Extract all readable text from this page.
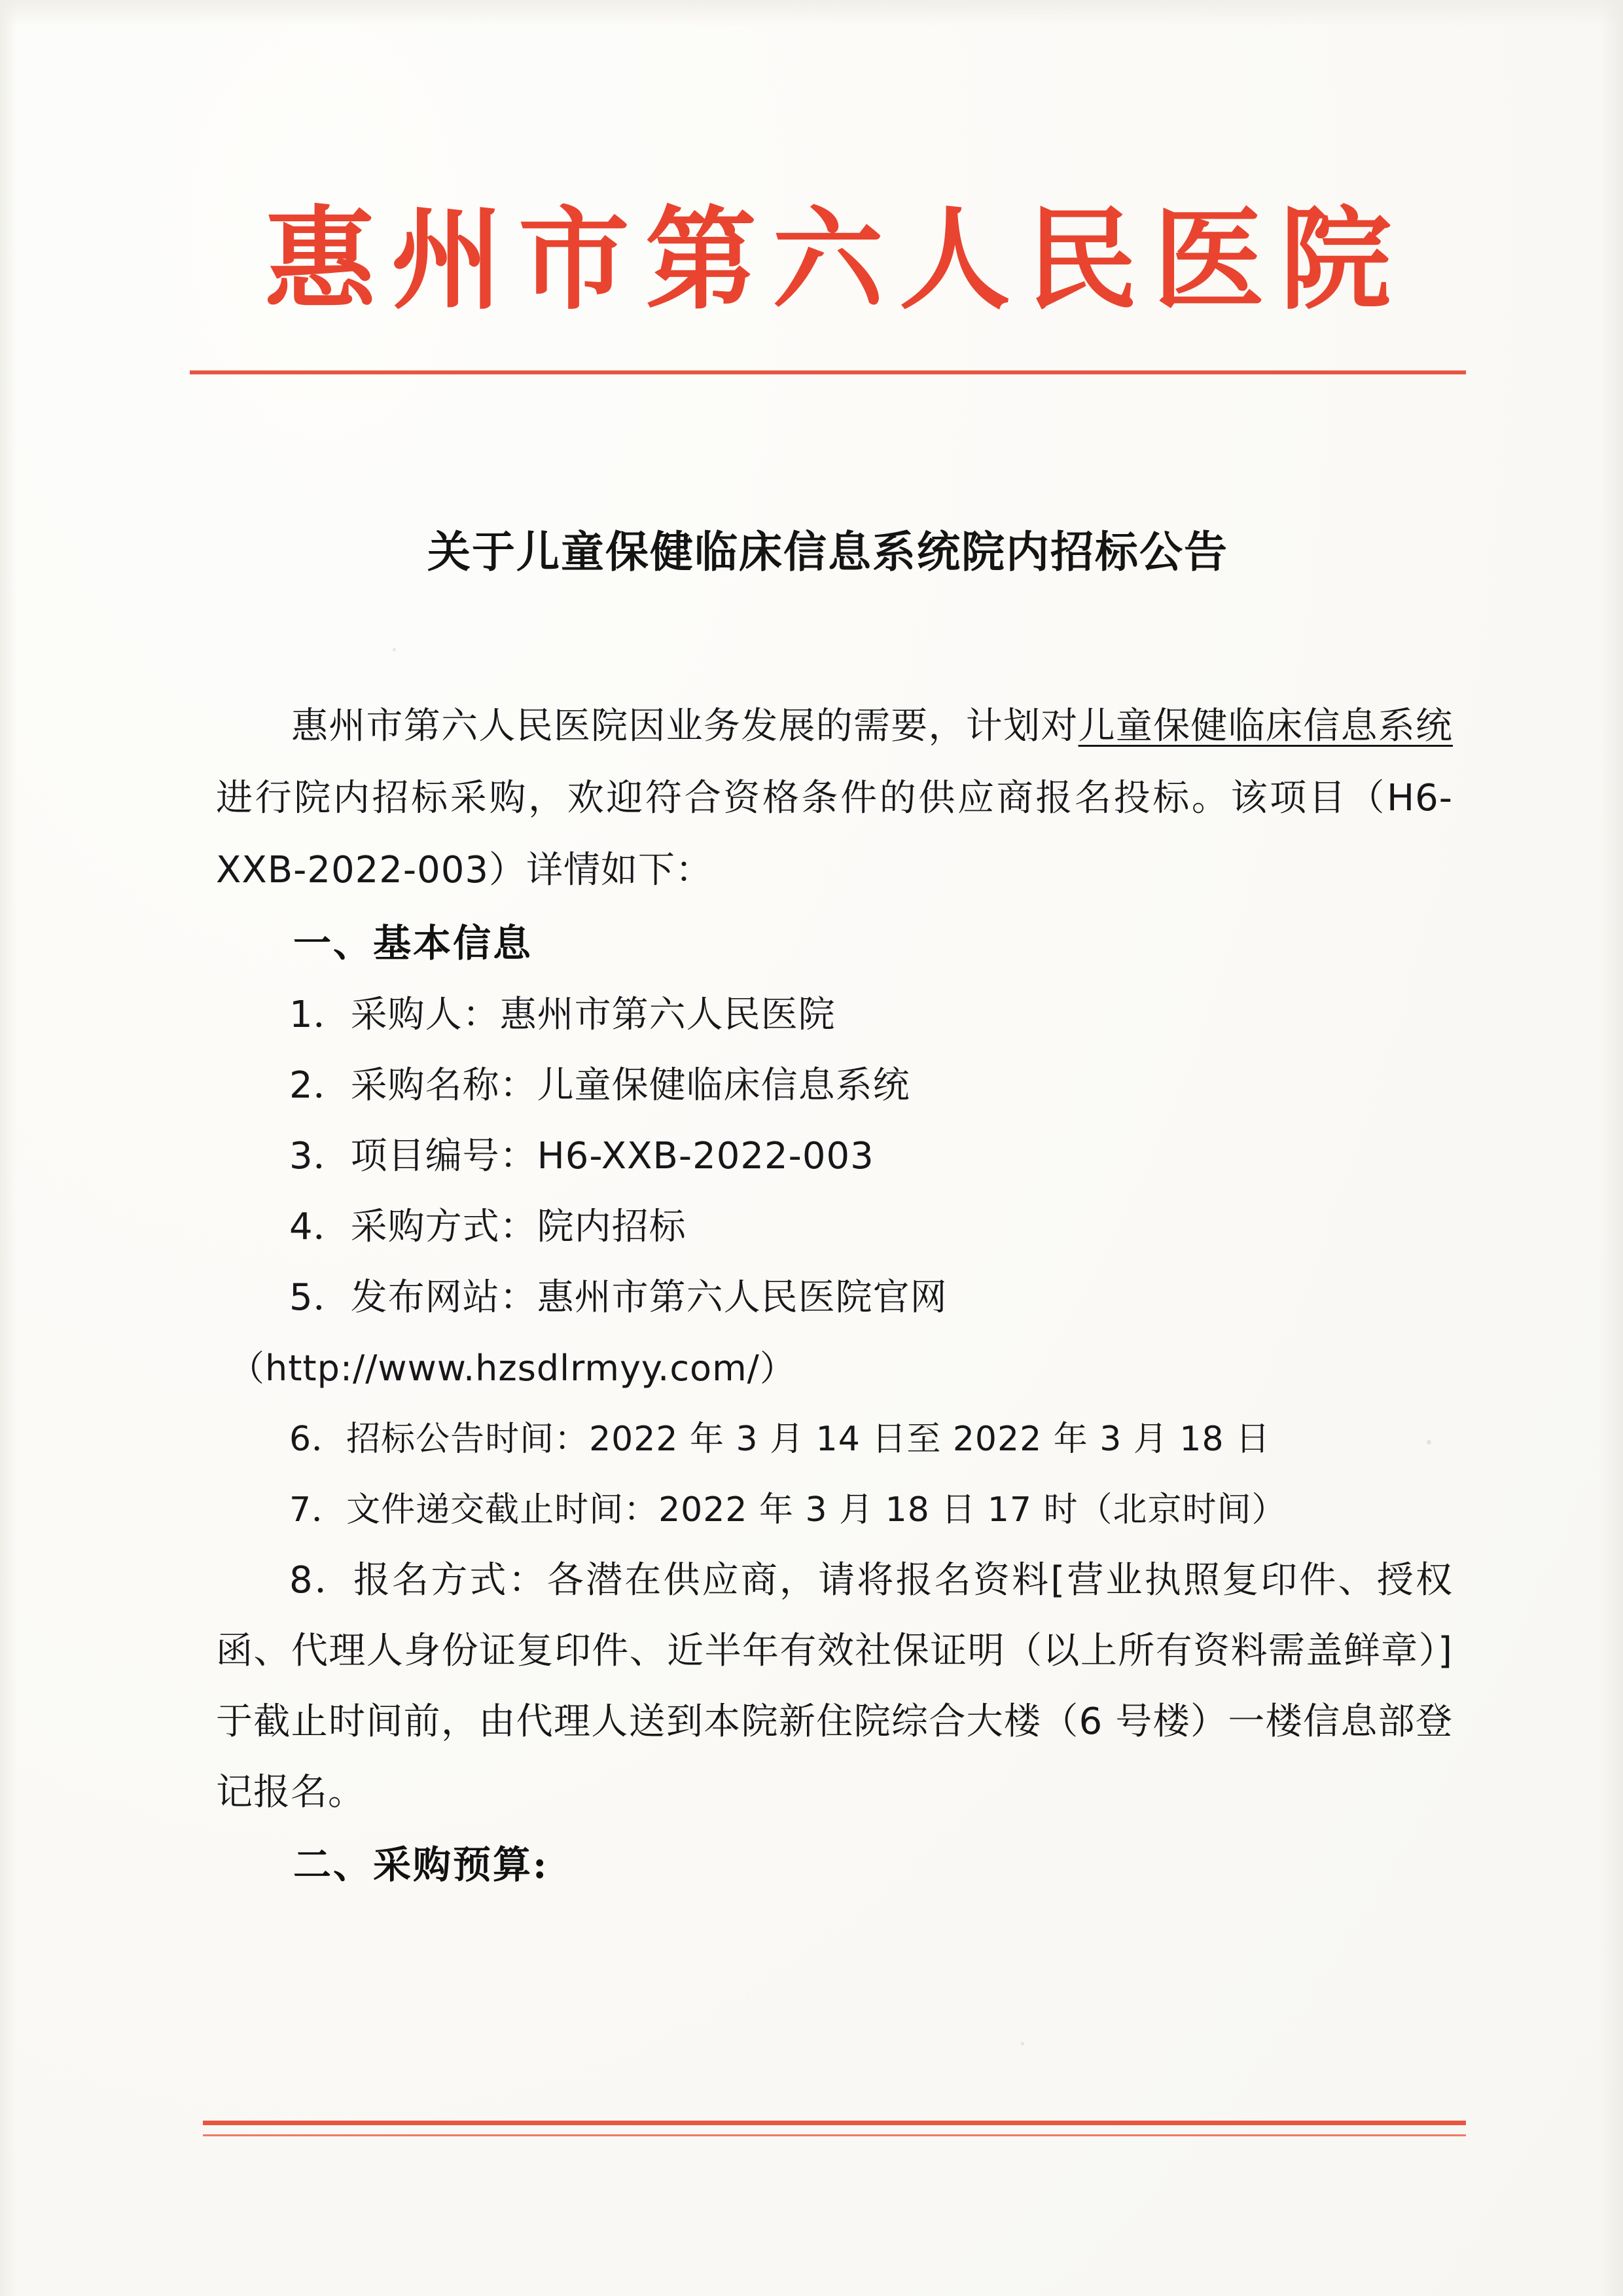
惠州市第六人民医院
关于儿童保健临床信息系统院内招标公告
惠州市第六人民医院因业务发展的需要，计划对儿童保健临床信息系统进行院内招标采购，欢迎符合资格条件的供应商报名投标。该项目（H6-XXB-2022-003）详情如下：
一、基本信息
1．采购人：惠州市第六人民医院
2．采购名称：儿童保健临床信息系统
3．项目编号：H6-XXB-2022-003
4．采购方式：院内招标
5．发布网站：惠州市第六人民医院官网
（http://www.hzsdlrmyy.com/）
6．招标公告时间：2022 年 3 月 14 日至 2022 年 3 月 18 日
7．文件递交截止时间：2022 年 3 月 18 日 17 时（北京时间）
8．报名方式：各潜在供应商，请将报名资料[营业执照复印件、授权函、代理人身份证复印件、近半年有效社保证明（以上所有资料需盖鲜章）]于截止时间前，由代理人送到本院新住院综合大楼（6 号楼）一楼信息部登记报名。
二、采购预算:
